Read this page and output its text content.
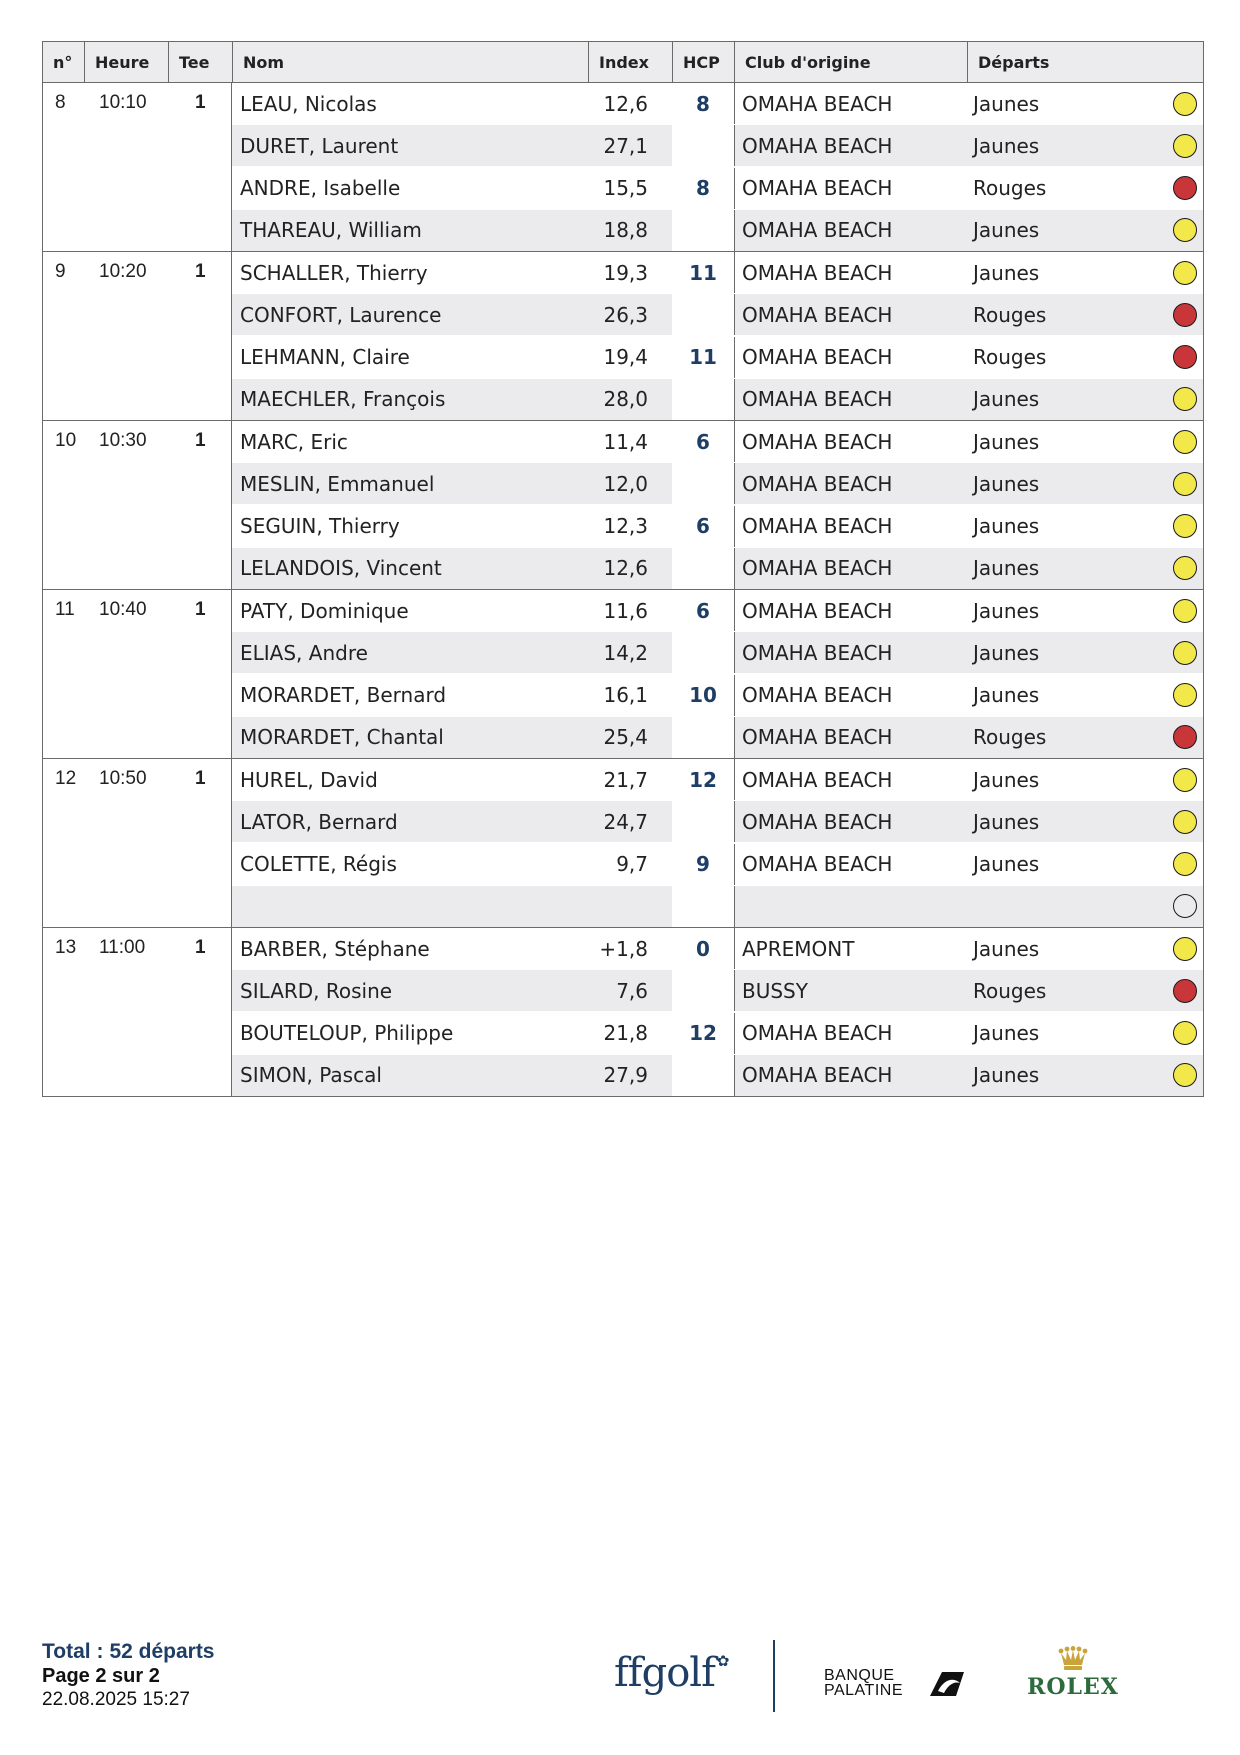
n°	Heure	Tee	Nom	Index	HCP	Club d'origine	Départs
8 10:10	1	LEAU, Nicolas	12,6	8	OMAHA BEACH	Jaunes
DURET, Laurent	27,1	OMAHA BEACH	Jaunes
ANDRE, Isabelle	15,5	8	OMAHA BEACH	Rouges
THAREAU, William	18,8	OMAHA BEACH	Jaunes
9 10:20	1	SCHALLER, Thierry	19,3	11	OMAHA BEACH	Jaunes
CONFORT, Laurence	26,3	OMAHA BEACH	Rouges
LEHMANN, Claire	19,4	11	OMAHA BEACH	Rouges
MAECHLER, François	28,0	OMAHA BEACH	Jaunes
10 10:30	1	MARC, Eric	11,4	6	OMAHA BEACH	Jaunes
MESLIN, Emmanuel	12,0	OMAHA BEACH	Jaunes
SEGUIN, Thierry	12,3	6	OMAHA BEACH	Jaunes
LELANDOIS, Vincent	12,6	OMAHA BEACH	Jaunes
11 10:40	1	PATY, Dominique	11,6	6	OMAHA BEACH	Jaunes
ELIAS, Andre	14,2	OMAHA BEACH	Jaunes
MORARDET, Bernard	16,1	10	OMAHA BEACH	Jaunes
MORARDET, Chantal	25,4	OMAHA BEACH	Rouges
12 10:50	1	HUREL, David	21,7	12	OMAHA BEACH	Jaunes
LATOR, Bernard	24,7	OMAHA BEACH	Jaunes
COLETTE, Régis	9,7	9	OMAHA BEACH	Jaunes
13 11:00	1	BARBER, Stéphane	+1,8	0	APREMONT	Jaunes
SILARD, Rosine	7,6	BUSSY	Rouges
BOUTELOUP, Philippe	21,8	12	OMAHA BEACH	Jaunes
SIMON, Pascal	27,9	OMAHA BEACH	Jaunes
Total : 52 départs
Page 2 sur 2
22.08.2025 15:27
ffgolf ✿
BANQUE
PALATINE	ROLEX
